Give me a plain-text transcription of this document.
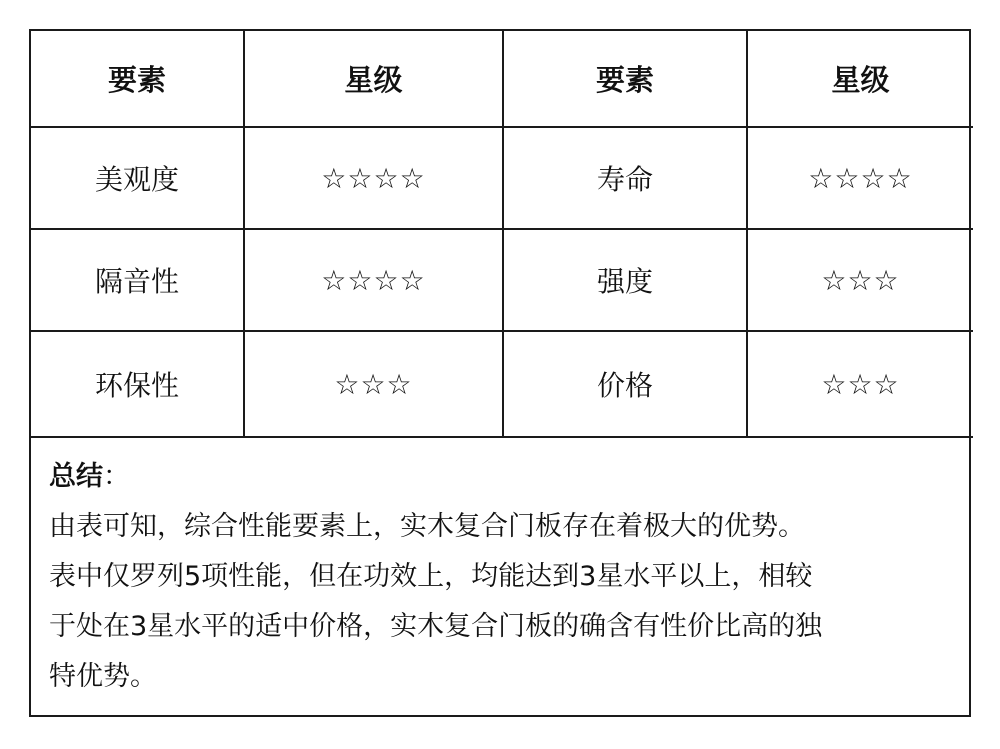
要素	星级	要素	星级
美观度	☆☆☆☆	寿命	☆☆☆☆
隔音性	☆☆☆☆	强度	☆☆☆
环保性	☆☆☆	价格	☆☆☆
总结：
由表可知，综合性能要素上，实木复合门板存在着极大的优势。
表中仅罗列5项性能，但在功效上，均能达到3星水平以上，相较
于处在3星水平的适中价格，实木复合门板的确含有性价比高的独
特优势。
